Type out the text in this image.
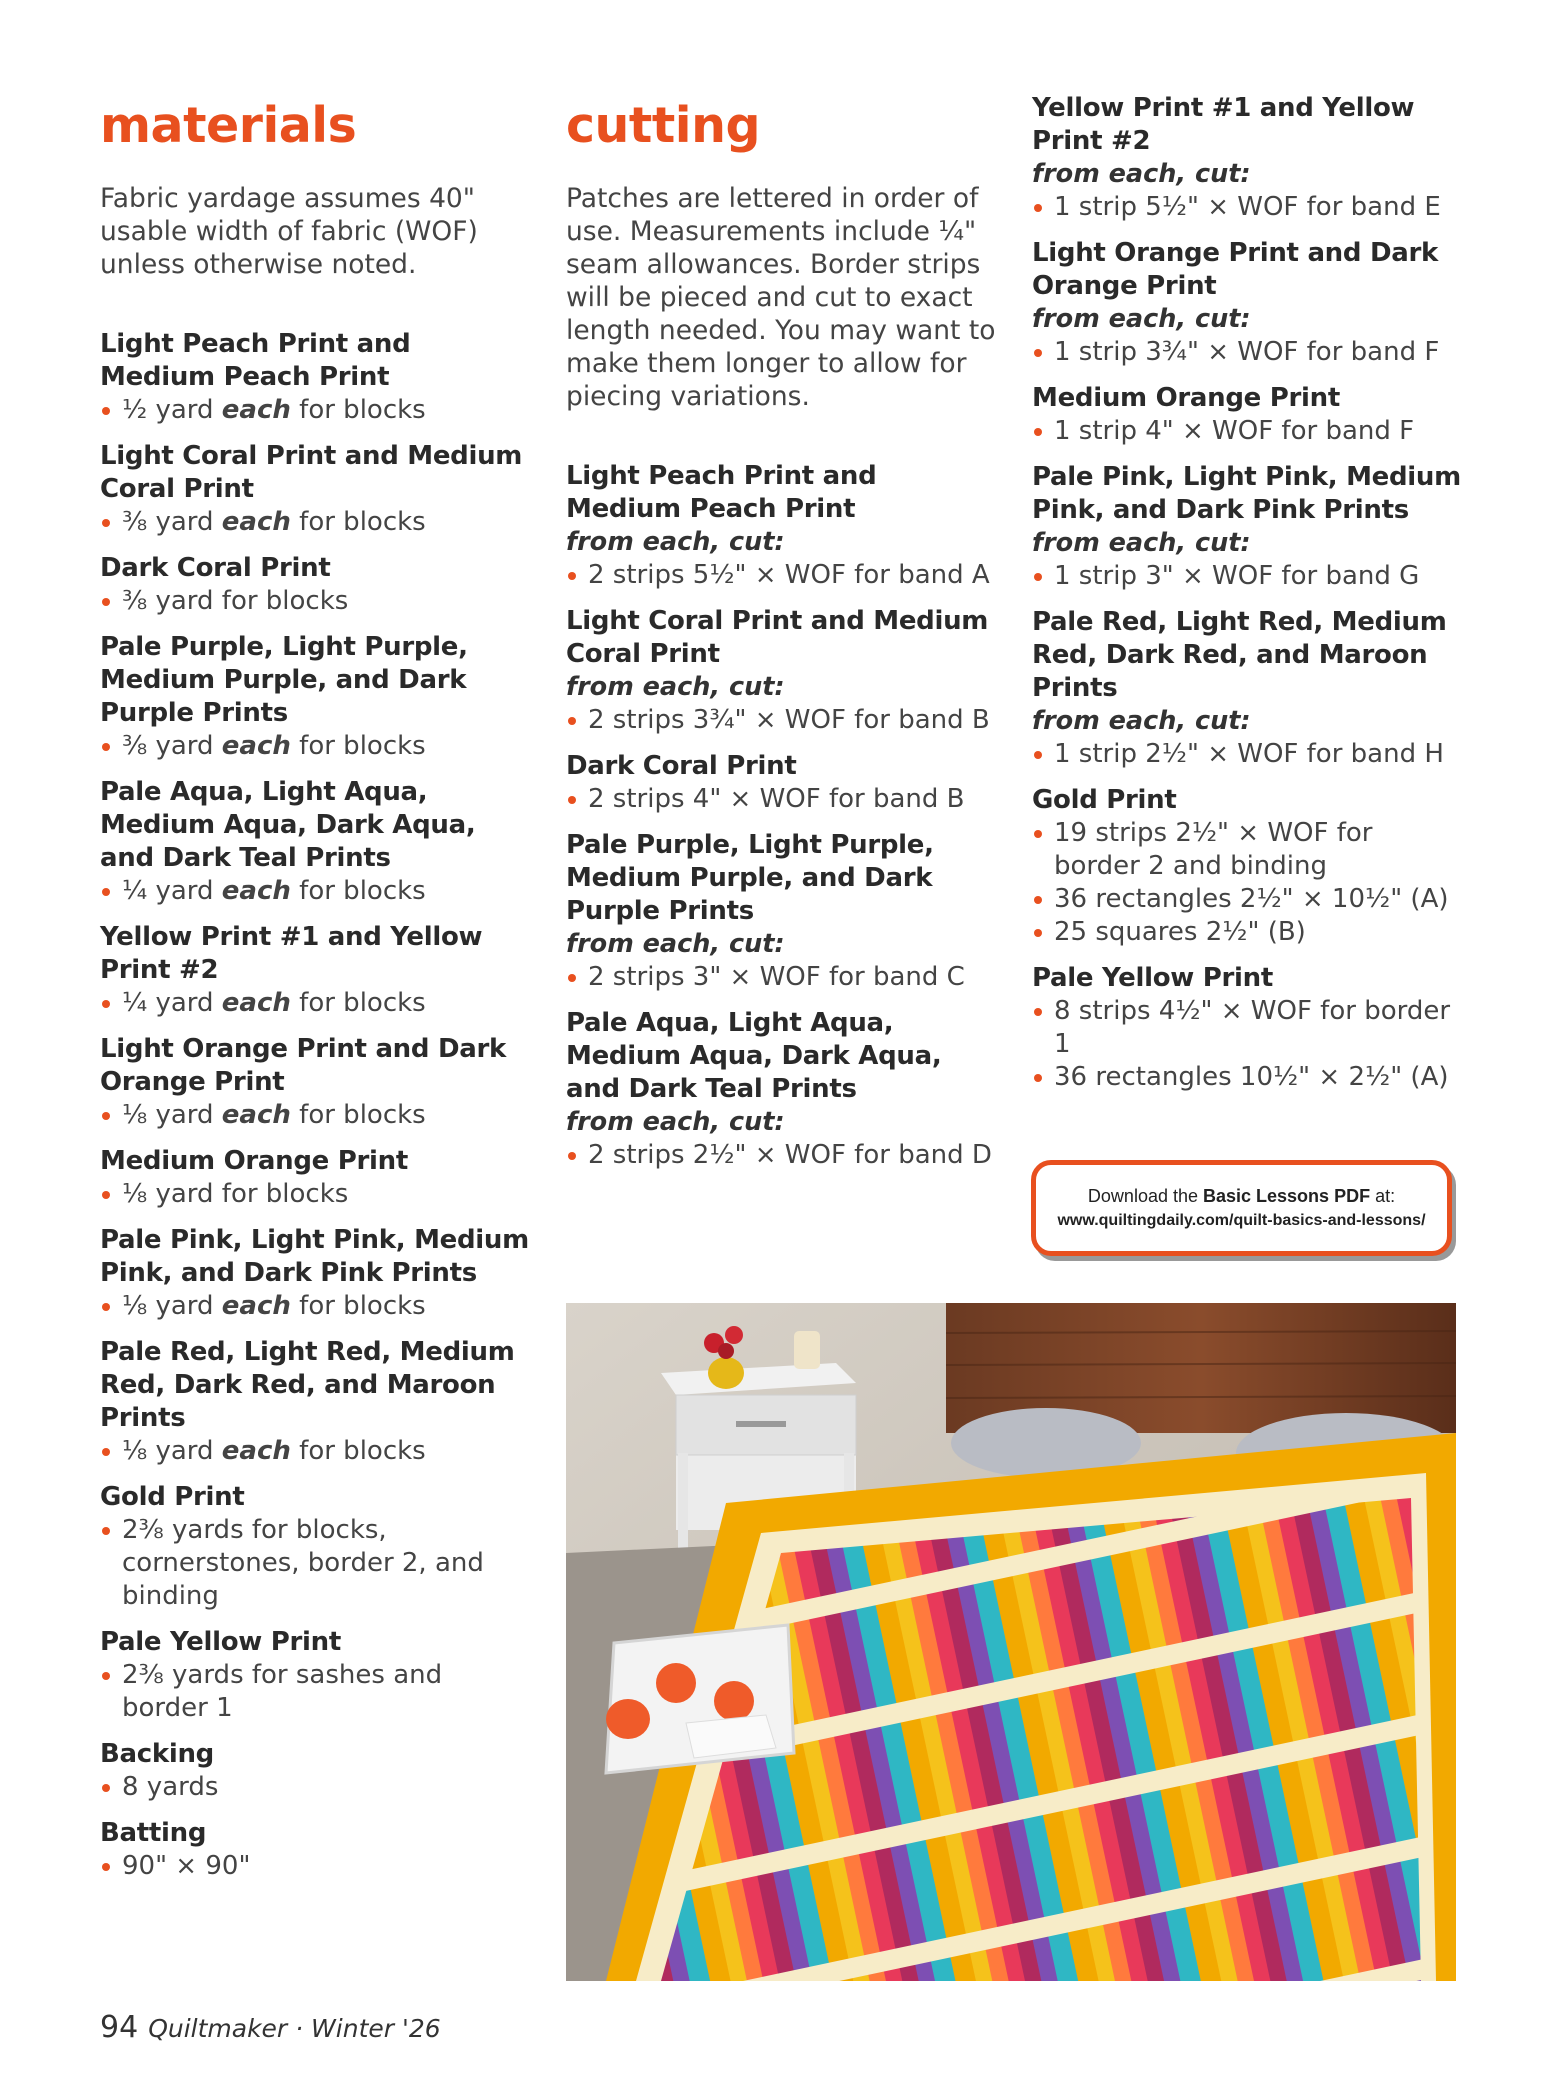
materials

Fabric yardage assumes 40" usable width of fabric (WOF) unless otherwise noted.

Light Peach Print and Medium Peach Print
½ yard each for blocks
Light Coral Print and Medium Coral Print
⅜ yard each for blocks
Dark Coral Print
⅜ yard for blocks
Pale Purple, Light Purple, Medium Purple, and Dark Purple Prints
⅜ yard each for blocks
Pale Aqua, Light Aqua, Medium Aqua, Dark Aqua, and Dark Teal Prints
¼ yard each for blocks
Yellow Print #1 and Yellow Print #2
¼ yard each for blocks
Light Orange Print and Dark Orange Print
⅛ yard each for blocks
Medium Orange Print
⅛ yard for blocks
Pale Pink, Light Pink, Medium Pink, and Dark Pink Prints
⅛ yard each for blocks
Pale Red, Light Red, Medium Red, Dark Red, and Maroon Prints
⅛ yard each for blocks
Gold Print
2⅜ yards for blocks, cornerstones, border 2, and binding
Pale Yellow Print
2⅜ yards for sashes and border 1
Backing
8 yards
Batting
90" × 90"
cutting

Patches are lettered in order of use. Measurements include ¼" seam allowances. Border strips will be pieced and cut to exact length needed. You may want to make them longer to allow for piecing variations.

Light Peach Print and Medium Peach Print
from each, cut:
2 strips 5½" × WOF for band A
Light Coral Print and Medium Coral Print
from each, cut:
2 strips 3¾" × WOF for band B
Dark Coral Print
2 strips 4" × WOF for band B
Pale Purple, Light Purple, Medium Purple, and Dark Purple Prints
from each, cut:
2 strips 3" × WOF for band C
Pale Aqua, Light Aqua, Medium Aqua, Dark Aqua, and Dark Teal Prints
from each, cut:
2 strips 2½" × WOF for band D
Yellow Print #1 and Yellow Print #2
from each, cut:
1 strip 5½" × WOF for band E
Light Orange Print and Dark Orange Print
from each, cut:
1 strip 3¾" × WOF for band F
Medium Orange Print
1 strip 4" × WOF for band F
Pale Pink, Light Pink, Medium Pink, and Dark Pink Prints
from each, cut:
1 strip 3" × WOF for band G
Pale Red, Light Red, Medium Red, Dark Red, and Maroon Prints
from each, cut:
1 strip 2½" × WOF for band H
Gold Print
19 strips 2½" × WOF for border 2 and binding
36 rectangles 2½" × 10½" (A)
25 squares 2½" (B)
Pale Yellow Print
8 strips 4½" × WOF for border 1
36 rectangles 10½" × 2½" (A)
Download the Basic Lessons PDF at:
www.quiltingdaily.com/quilt-basics-and-lessons/
94 Quiltmaker · Winter '26
